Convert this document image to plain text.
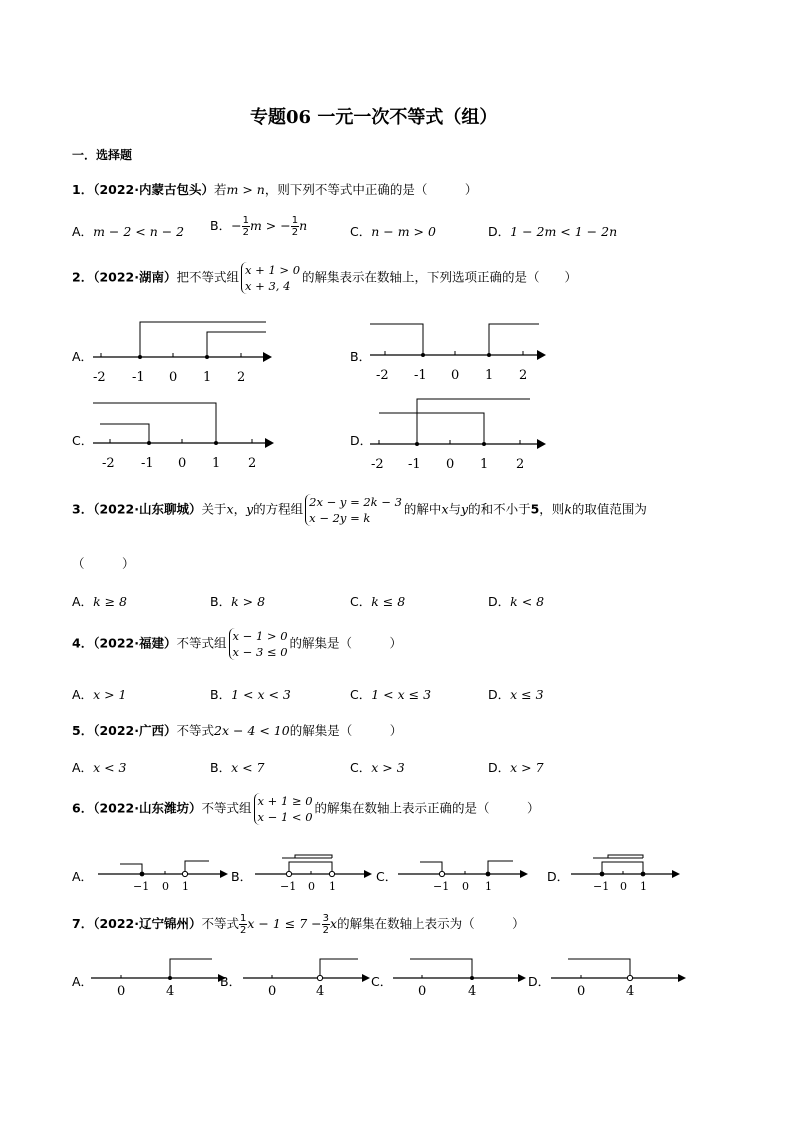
专题06 一元一次不等式（组）
一．选择题
1．（2022·内蒙古包头）若m > n，则下列不等式中正确的是（　　　）
A．m − 2 < n − 2 B．− $\frac{1}{2}$ m > − $\frac{1}{2}$ n	C．n − m > 0	D．1 − 2m < 1 − 2n
2．（2022·湖南）把不等式组 x + 1 > 0
x + 3, 4
的解集表示在数轴上，下列选项正确的是（　　）
A．
-2 -1 0 1 2
B．
-2 -1 0 1 2
C．
-2 -1 0 1 2
D．
-2 -1 0 1 2
3．（2022·山东聊城）关于x，y的方程组 2x − y = 2k − 3
x − 2y = k
的解中x与y的和不小于5，则k的取值范围为
（　　　）
A．k ≥ 8	B．k > 8	C．k ≤ 8	D．k < 8
4．（2022·福建）不等式组 x − 1 > 0
x − 3 ≤ 0
的解集是（　　　）
A．x > 1	B．1 < x < 3	C．1 < x ≤ 3	D．x ≤ 3
5．（2022·广西）不等式2x − 4 < 10的解集是（　　　）
A．x < 3	B．x < 7	C．x > 3	D．x > 7
6．（2022·山东潍坊）不等式组 x + 1 ≥ 0
x − 1 < 0
的解集在数轴上表示正确的是（　　　）
A．
−1 0 1
B．
−1 0 1
C．
−1 0 1
D．
−1 0 1
7．（2022·辽宁锦州）不等式 $\frac{1}{2}$ $x - 1 \le 7 - \frac{3}{2}$ x的解集在数轴上表示为（　　　）
A．
0	4
B．
0	4
C．
0	4
D．
0	4
